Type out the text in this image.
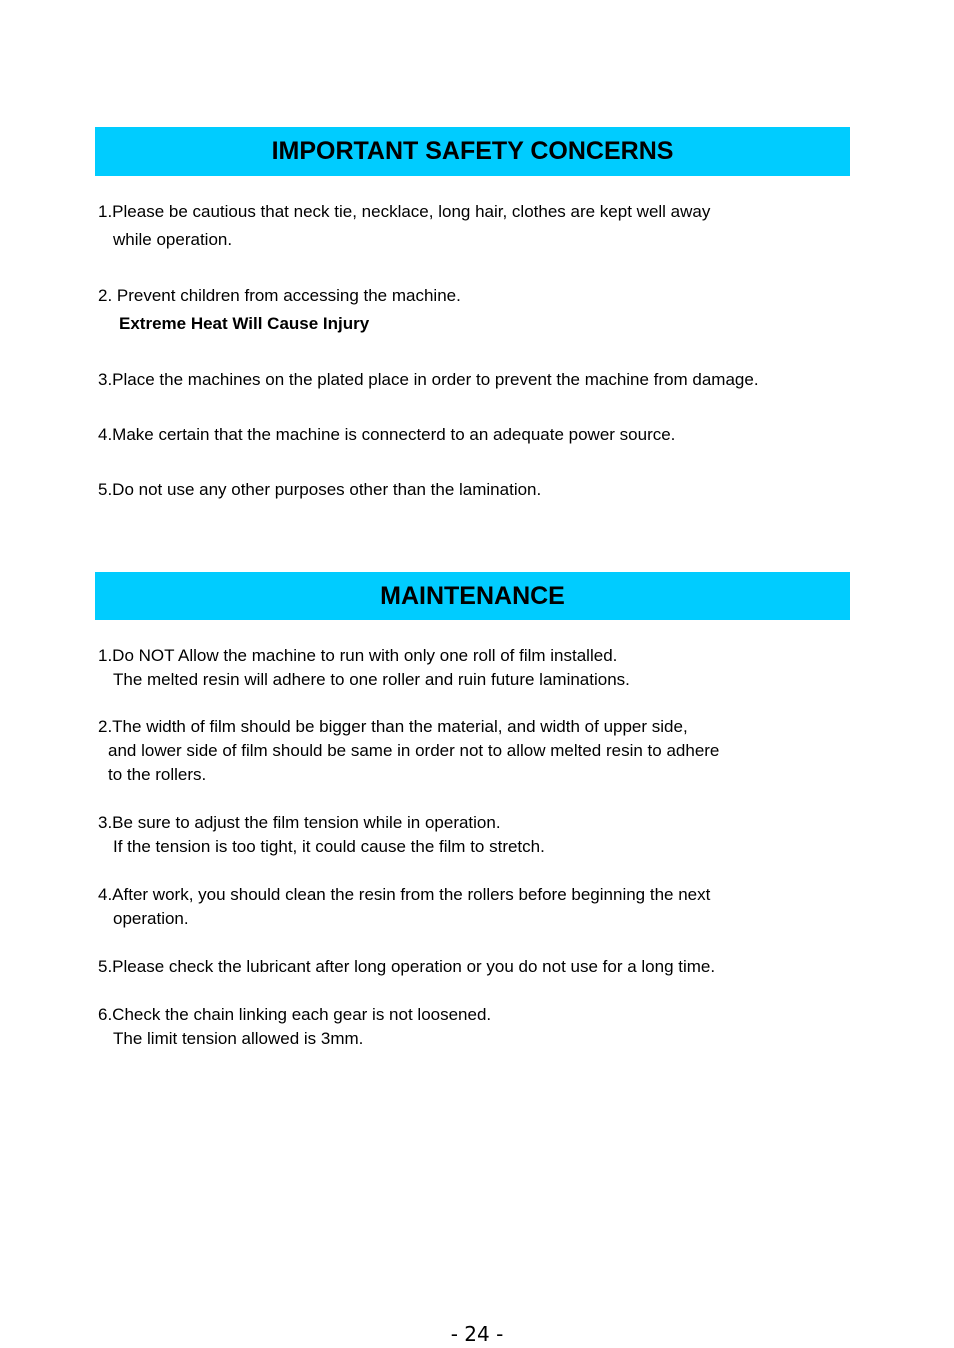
IMPORTANT SAFETY CONCERNS
1.Please be cautious that neck tie, necklace, long hair, clothes are kept well away
while operation.
2. Prevent children from accessing the machine.
Extreme Heat Will Cause Injury
3.Place the machines on the plated place in order to prevent the machine from damage.
4.Make certain that the machine is connecterd to an adequate power source.
5.Do not use any other purposes other than the lamination.
MAINTENANCE
1.Do NOT Allow the machine to run with only one roll of film installed.
The melted resin will adhere to one roller and ruin future laminations.
2.The width of film should be bigger than the material, and width of upper side,
and lower side of film should be same in order not to allow melted resin to adhere
to the rollers.
3.Be sure to adjust the film tension while in operation.
If the tension is too tight, it could cause the film to stretch.
4.After work, you should clean the resin from the rollers before beginning the next
operation.
5.Please check the lubricant after long operation or you do not use for a long time.
6.Check the chain linking each gear is not loosened.
The limit tension allowed is 3mm.
- 24 -
